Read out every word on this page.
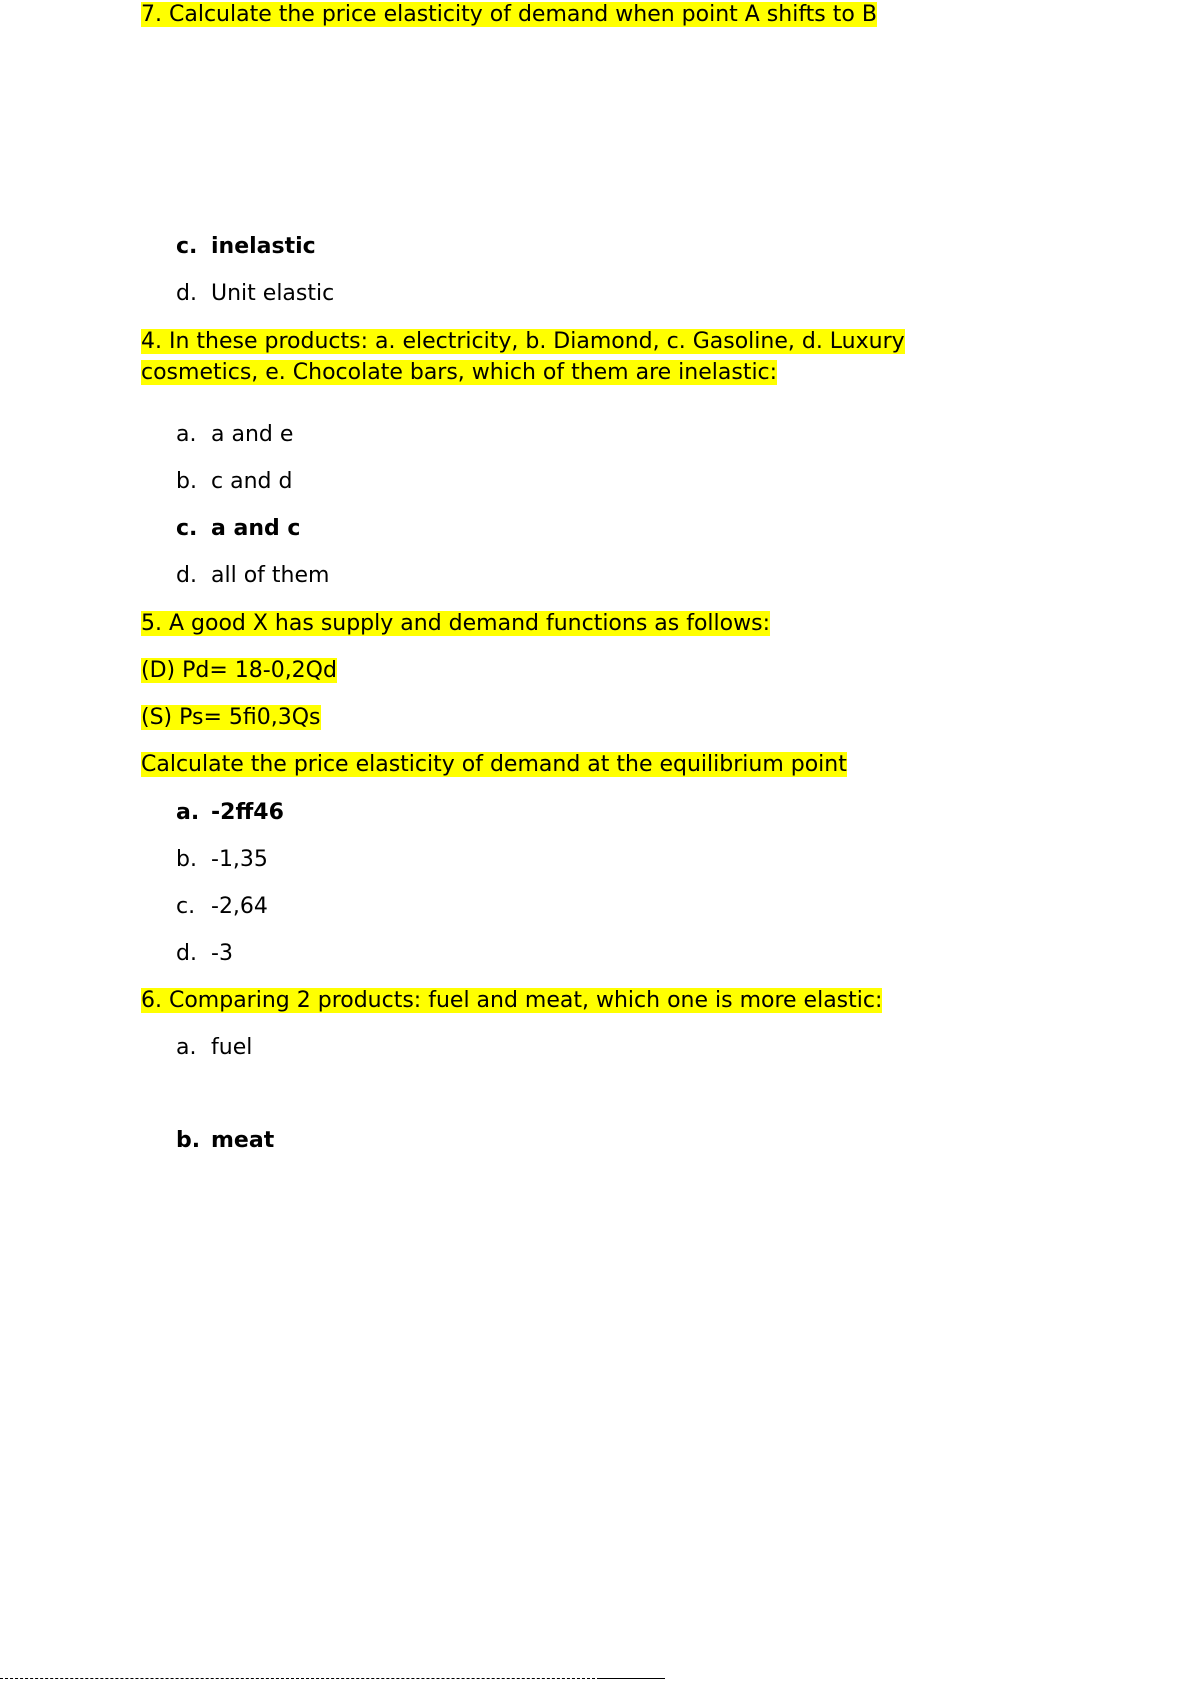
c. inelastic
d. Unit elastic
4. In these products: a. electricity, b. Diamond, c. Gasoline, d. Luxury
cosmetics, e. Chocolate bars, which of them are inelastic:
a. a and e
b. c and d
c. a and c
d. all of them
5. A good X has supply and demand functions as follows:
(D) Pd= 18-0,2Qd
(S) Ps= 5fi0,3Qs
Calculate the price elasticity of demand at the equilibrium point
a. -2ff46
b. -1,35
c. -2,64
d. -3
6. Comparing 2 products: fuel and meat, which one is more elastic:
a. fuel
b. meat
7. Calculate the price elasticity of demand when point A shifts to B
